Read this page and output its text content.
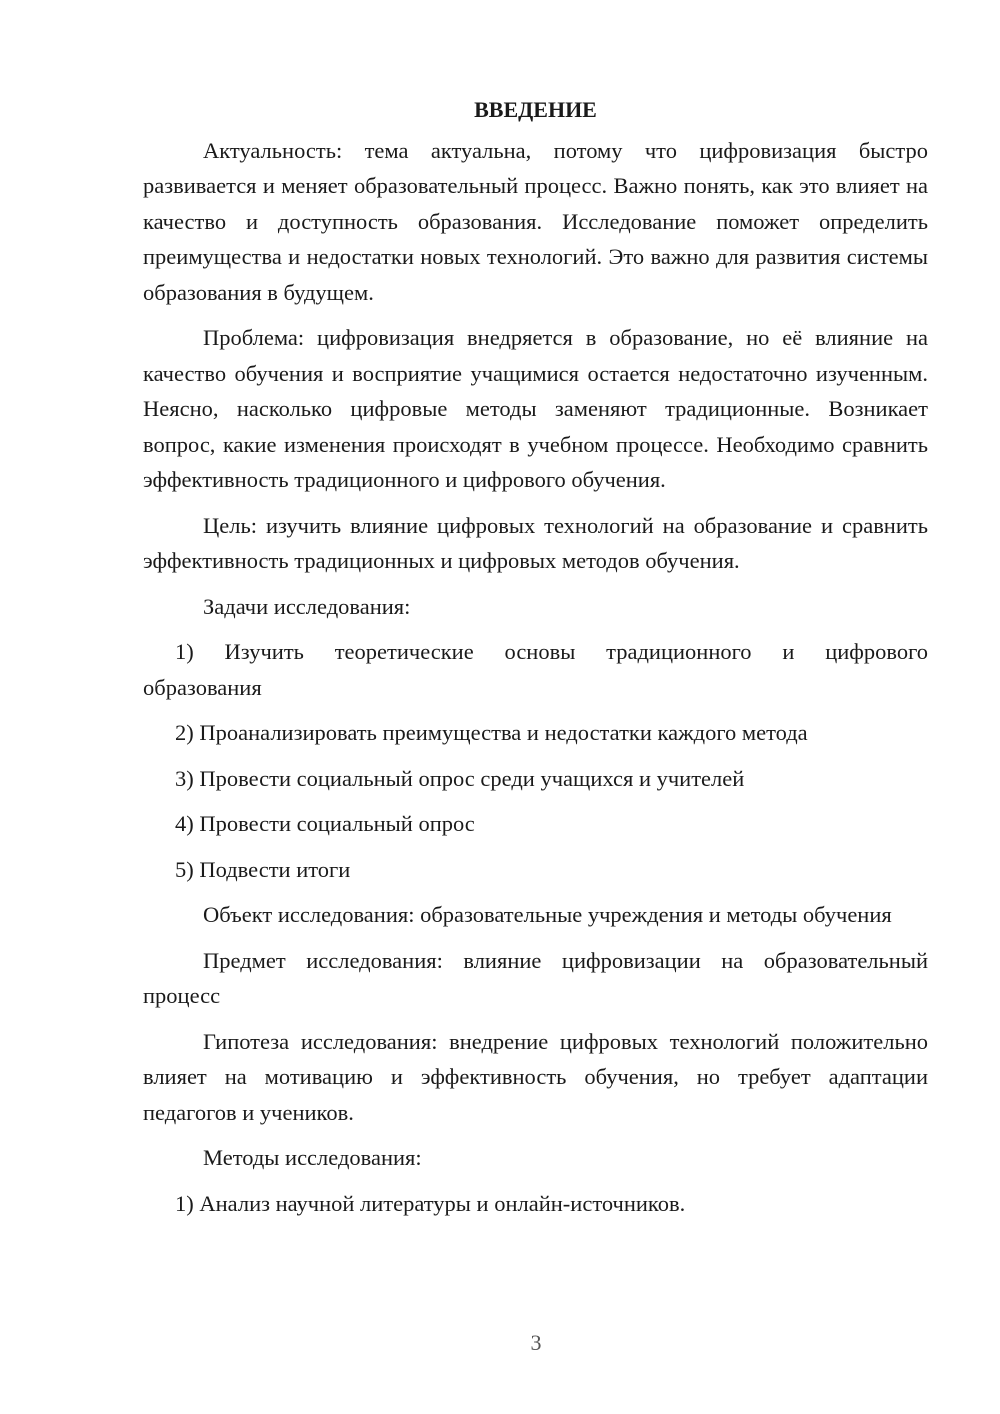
ВВЕДЕНИЕ

Актуальность: тема актуальна, потому что цифровизация быстро развивается и меняет образовательный процесс. Важно понять, как это влияет на качество и доступность образования. Исследование поможет определить преимущества и недостатки новых технологий. Это важно для развития системы образования в будущем.

Проблема: цифровизация внедряется в образование, но её влияние на качество обучения и восприятие учащимися остается недостаточно изученным. Неясно, насколько цифровые методы заменяют традиционные. Возникает вопрос, какие изменения происходят в учебном процессе. Необходимо сравнить эффективность традиционного и цифрового обучения.

Цель: изучить влияние цифровых технологий на образование и сравнить эффективность традиционных и цифровых методов обучения.

Задачи исследования:

1) Изучить теоретические основы традиционного и цифрового
образования

2) Проанализировать преимущества и недостатки каждого метода

3) Провести социальный опрос среди учащихся и учителей

4) Провести социальный опрос

5) Подвести итоги

Объект исследования: образовательные учреждения и методы обучения

Предмет исследования: влияние цифровизации на образовательный процесс

Гипотеза исследования: внедрение цифровых технологий положительно влияет на мотивацию и эффективность обучения, но требует адаптации педагогов и учеников.

Методы исследования:

1) Анализ научной литературы и онлайн-источников.

3
